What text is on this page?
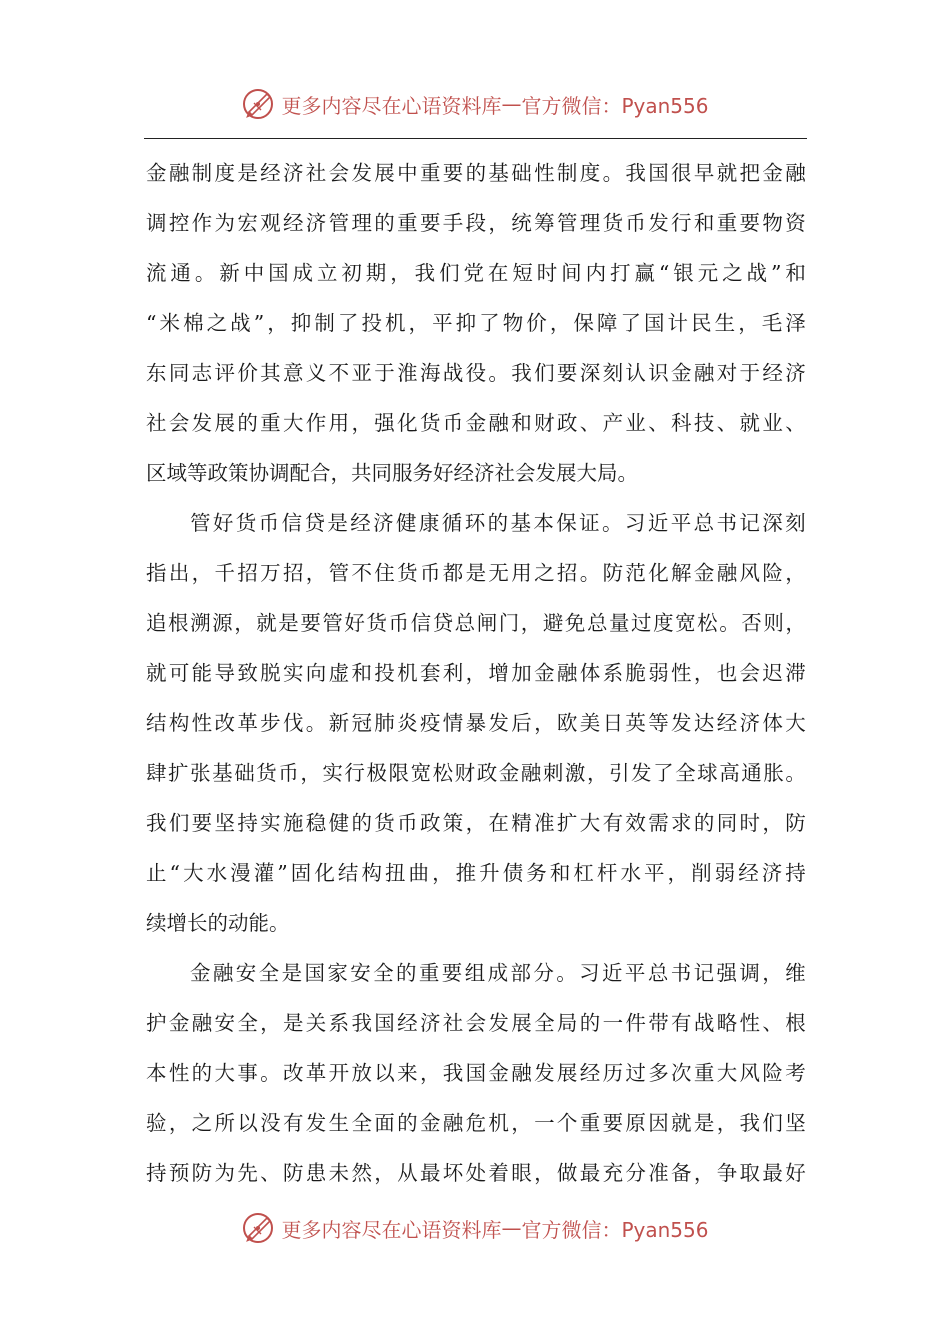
更多内容尽在心语资料库 — 官方微信：Pyan556
金 融 制 度 是 经 济 社 会 发 展 中 重 要 的 基 础 性 制 度 。 我 国 很 早 就 把 金 融
调 控 作 为 宏 观 经 济 管 理 的 重 要 手 段 ， 统 筹 管 理 货 币 发 行 和 重 要 物 资
流 通 。 新 中 国 成 立 初 期 ， 我 们 党 在 短 时 间 内 打 赢 “ 银 元 之 战 ” 和
“ 米 棉 之 战 ” ， 抑 制 了 投 机 ， 平 抑 了 物 价 ， 保 障 了 国 计 民 生 ， 毛 泽
东 同 志 评 价 其 意 义 不 亚 于 淮 海 战 役 。 我 们 要 深 刻 认 识 金 融 对 于 经 济
社 会 发 展 的 重 大 作 用 ， 强 化 货 币 金 融 和 财 政 、 产 业 、 科 技 、 就 业 、
区域等政策协调配合，共同服务好经济社会发展大局。
管 好 货 币 信 贷 是 经 济 健 康 循 环 的 基 本 保 证 。 习 近 平 总 书 记 深 刻
指 出 ， 千 招 万 招 ， 管 不 住 货 币 都 是 无 用 之 招 。 防 范 化 解 金 融 风 险 ，
追 根 溯 源 ， 就 是 要 管 好 货 币 信 贷 总 闸 门 ， 避 免 总 量 过 度 宽 松 。 否 则 ，
就 可 能 导 致 脱 实 向 虚 和 投 机 套 利 ， 增 加 金 融 体 系 脆 弱 性 ， 也 会 迟 滞
结 构 性 改 革 步 伐 。 新 冠 肺 炎 疫 情 暴 发 后 ， 欧 美 日 英 等 发 达 经 济 体 大
肆 扩 张 基 础 货 币 ， 实 行 极 限 宽 松 财 政 金 融 刺 激 ， 引 发 了 全 球 高 通 胀 。
我 们 要 坚 持 实 施 稳 健 的 货 币 政 策 ， 在 精 准 扩 大 有 效 需 求 的 同 时 ， 防
止 “ 大 水 漫 灌 ” 固 化 结 构 扭 曲 ， 推 升 债 务 和 杠 杆 水 平 ， 削 弱 经 济 持
续增长的动能。
金 融 安 全 是 国 家 安 全 的 重 要 组 成 部 分 。 习 近 平 总 书 记 强 调 ， 维
护 金 融 安 全 ， 是 关 系 我 国 经 济 社 会 发 展 全 局 的 一 件 带 有 战 略 性 、 根
本 性 的 大 事 。 改 革 开 放 以 来 ， 我 国 金 融 发 展 经 历 过 多 次 重 大 风 险 考
验 ， 之 所 以 没 有 发 生 全 面 的 金 融 危 机 ， 一 个 重 要 原 因 就 是 ， 我 们 坚
持 预 防 为 先 、 防 患 未 然 ， 从 最 坏 处 着 眼 ， 做 最 充 分 准 备 ， 争 取 最 好
更多内容尽在心语资料库 — 官方微信：Pyan556
